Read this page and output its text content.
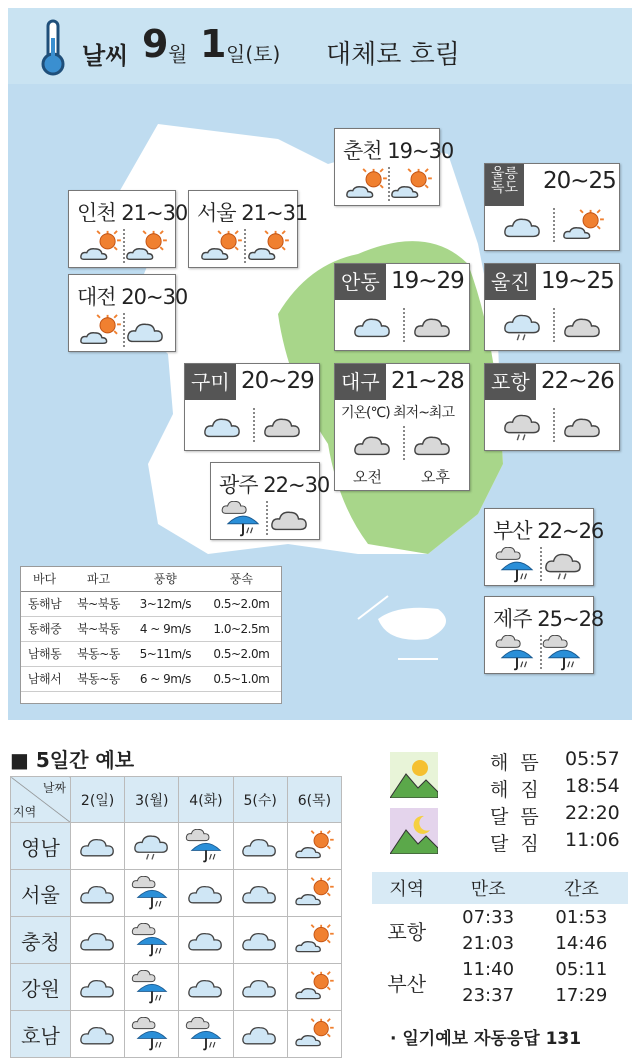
날씨 9 월 1 일(토) 대체로 흐림
춘천 19~30
울릉
독도 20~25
인천 21~30 서울 21~31
대전 20~30
안동 19~29	울진 19~25
구미 20~29	대구 21~28
기온(℃) 최저~최고
오전	오후
포항 22~26
광주 22~30
부산 22~26
제주 25~28
바다	파고	풍향	풍속
동해남	북~북동	3~12m/s	0.5~2.0m
동해중	북~북동	4 ~ 9m/s	1.0~2.5m
남해동	북동~동	5~11m/s	0.5~2.0m
남해서	북동~동	6 ~ 9m/s	0.5~1.0m
■ 5일간 예보
날짜
지역	2(일)	3(월)	4(화)	5(수)	6(목)
영남	

서울	

충청	

강원	

호남	

해 뜸 05:57
해 짐 18:54
달 뜸 22:20
달 짐 11:06
지역	만조	간조
포항	07:33	01:53
	21:03	14:46
부산	11:40	05:11
	23:37	17:29
· 일기예보 자동응답 131
